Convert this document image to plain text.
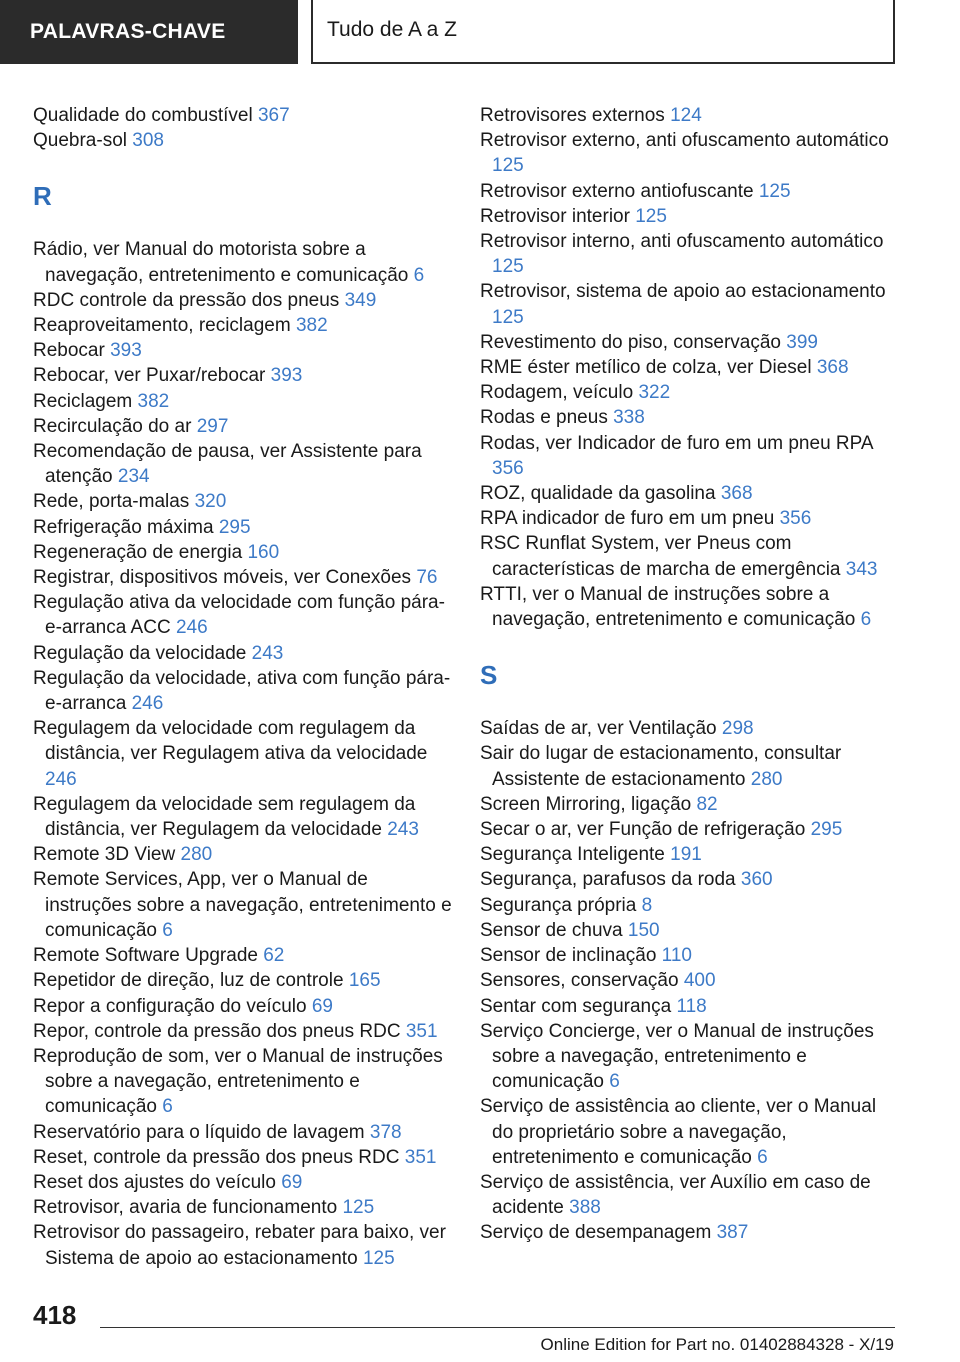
PALAVRAS-CHAVE	Tudo de A a Z
Qualidade do combustível 367
Quebra-sol 308
R
Rádio, ver Manual do motorista sobre a navegação, entretenimento e comunicação 6
RDC controle da pressão dos pneus 349
Reaproveitamento, reciclagem 382
Rebocar 393
Rebocar, ver Puxar/rebocar 393
Reciclagem 382
Recirculação do ar 297
Recomendação de pausa, ver Assistente para atenção 234
Rede, porta-malas 320
Refrigeração máxima 295
Regeneração de energia 160
Registrar, dispositivos móveis, ver Conexões 76
Regulação ativa da velocidade com função pára-e-arranca ACC 246
Regulação da velocidade 243
Regulação da velocidade, ativa com função pára-e-arranca 246
Regulagem da velocidade com regulagem da distância, ver Regulagem ativa da velocidade 246
Regulagem da velocidade sem regulagem da distância, ver Regulagem da velocidade 243
Remote 3D View 280
Remote Services, App, ver o Manual de instruções sobre a navegação, entretenimento e comunicação 6
Remote Software Upgrade 62
Repetidor de direção, luz de controle 165
Repor a configuração do veículo 69
Repor, controle da pressão dos pneus RDC 351
Reprodução de som, ver o Manual de instruções sobre a navegação, entretenimento e comunicação 6
Reservatório para o líquido de lavagem 378
Reset, controle da pressão dos pneus RDC 351
Reset dos ajustes do veículo 69
Retrovisor, avaria de funcionamento 125
Retrovisor do passageiro, rebater para baixo, ver Sistema de apoio ao estacionamento 125
Retrovisores externos 124
Retrovisor externo, anti ofuscamento automático 125
Retrovisor externo antiofuscante 125
Retrovisor interior 125
Retrovisor interno, anti ofuscamento automático 125
Retrovisor, sistema de apoio ao estacionamento 125
Revestimento do piso, conservação 399
RME éster metílico de colza, ver Diesel 368
Rodagem, veículo 322
Rodas e pneus 338
Rodas, ver Indicador de furo em um pneu RPA 356
ROZ, qualidade da gasolina 368
RPA indicador de furo em um pneu 356
RSC Runflat System, ver Pneus com características de marcha de emergência 343
RTTI, ver o Manual de instruções sobre a navegação, entretenimento e comunicação 6
S
Saídas de ar, ver Ventilação 298
Sair do lugar de estacionamento, consultar Assistente de estacionamento 280
Screen Mirroring, ligação 82
Secar o ar, ver Função de refrigeração 295
Segurança Inteligente 191
Segurança, parafusos da roda 360
Segurança própria 8
Sensor de chuva 150
Sensor de inclinação 110
Sensores, conservação 400
Sentar com segurança 118
Serviço Concierge, ver o Manual de instruções sobre a navegação, entretenimento e comunicação 6
Serviço de assistência ao cliente, ver o Manual do proprietário sobre a navegação, entretenimento e comunicação 6
Serviço de assistência, ver Auxílio em caso de acidente 388
Serviço de desempanagem 387
418
Online Edition for Part no. 01402884328 - X/19
